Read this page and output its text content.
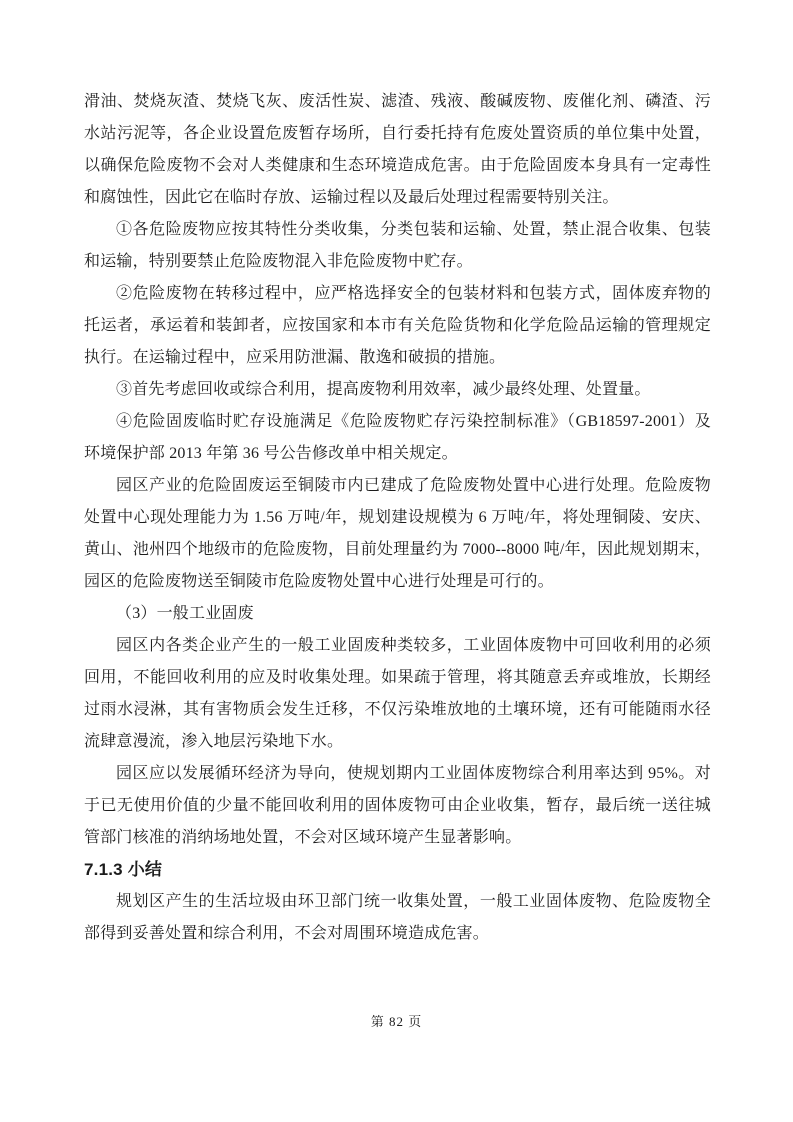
滑油、焚烧灰渣、焚烧飞灰、废活性炭、滤渣、残液、酸碱废物、废催化剂、磷渣、污水站污泥等，各企业设置危废暂存场所，自行委托持有危废处置资质的单位集中处置，以确保危险废物不会对人类健康和生态环境造成危害。由于危险固废本身具有一定毒性和腐蚀性，因此它在临时存放、运输过程以及最后处理过程需要特别关注。

①各危险废物应按其特性分类收集，分类包装和运输、处置，禁止混合收集、包装和运输，特别要禁止危险废物混入非危险废物中贮存。

②危险废物在转移过程中，应严格选择安全的包装材料和包装方式，固体废弃物的托运者，承运着和装卸者，应按国家和本市有关危险货物和化学危险品运输的管理规定执行。在运输过程中，应采用防泄漏、散逸和破损的措施。

③首先考虑回收或综合利用，提高废物利用效率，减少最终处理、处置量。

④危险固废临时贮存设施满足《危险废物贮存污染控制标准》（GB18597-2001）及环境保护部 2013 年第 36 号公告修改单中相关规定。

园区产业的危险固废运至铜陵市内已建成了危险废物处置中心进行处理。危险废物处置中心现处理能力为 1.56 万吨/年，规划建设规模为 6 万吨/年，将处理铜陵、安庆、黄山、池州四个地级市的危险废物，目前处理量约为 7000--8000 吨/年，因此规划期末，园区的危险废物送至铜陵市危险废物处置中心进行处理是可行的。

（3）一般工业固废

园区内各类企业产生的一般工业固废种类较多，工业固体废物中可回收利用的必须回用，不能回收利用的应及时收集处理。如果疏于管理，将其随意丢弃或堆放，长期经过雨水浸淋，其有害物质会发生迁移，不仅污染堆放地的土壤环境，还有可能随雨水径流肆意漫流，渗入地层污染地下水。

园区应以发展循环经济为导向，使规划期内工业固体废物综合利用率达到 95%。对于已无使用价值的少量不能回收利用的固体废物可由企业收集，暂存，最后统一送往城管部门核准的消纳场地处置，不会对区域环境产生显著影响。

7.1.3 小结

规划区产生的生活垃圾由环卫部门统一收集处置，一般工业固体废物、危险废物全部得到妥善处置和综合利用，不会对周围环境造成危害。

第 82 页
